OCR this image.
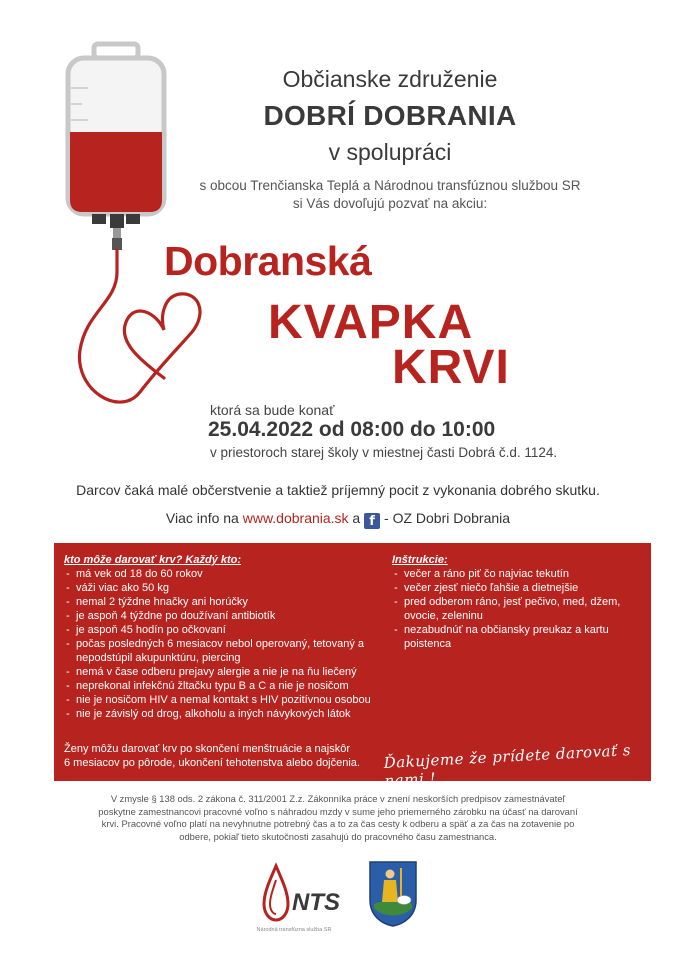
Občianske združenie
DOBRÍ DOBRANIA
v spolupráci
s obcou Trenčianska Teplá a Národnou transfúznou službou SR
si Vás dovoľujú pozvať na akciu:
Dobranská
KVAPKA
KRVI
ktorá sa bude konať
25.04.2022 od 08:00 do 10:00
v priestoroch starej školy v miestnej časti Dobrá č.d. 1124.
Darcov čaká malé občerstvenie a taktiež príjemný pocit z vykonania dobrého skutku.
Viac info na www.dobrania.sk a f - OZ Dobri Dobrania
kto môže darovať krv? Každý kto:
- má vek od 18 do 60 rokov
- váži viac ako 50 kg
- nemal 2 týždne hnačky ani horúčky
- je aspoň 4 týždne po doužívaní antibiotík
- je aspoň 45 hodín po očkovaní
- počas posledných 6 mesiacov nebol operovaný, tetovaný a nepodstúpil akupunktúru, piercing
- nemá v čase odberu prejavy alergie a nie je na ňu liečený
- neprekonal infekčnú žltačku typu B a C a nie je nosičom
- nie je nosičom HIV a nemal kontakt s HIV pozitívnou osobou
- nie je závislý od drog, alkoholu a iných návykových látok
Ženy môžu darovať krv po skončení menštruácie a najskôr
6 mesiacov po pôrode, ukončení tehotenstva alebo dojčenia.
Inštrukcie:
- večer a ráno piť čo najviac tekutín
- večer zjesť niečo ľahšie a dietnejšie
- pred odberom ráno, jesť pečivo, med, džem, ovocie, zeleninu
- nezabudnúť na občiansky preukaz a kartu poistenca
Ďakujeme že prídete darovať s nami !
V zmysle § 138 ods. 2 zákona č. 311/2001 Z.z. Zákonníka práce v znení neskorších predpisov zamestnávateľ
poskytne zamestnancovi pracovné voľno s náhradou mzdy v sume jeho priemerného zárobku na účasť na darovaní
krvi. Pracovné voľno platí na nevyhnutne potrebný čas a to za čas cesty k odberu a späť a za čas na zotavenie po
odbere, pokiaľ tieto skutočnosti zasahujú do pracovného času zamestnanca.
NTS
Národná transfúzna služba SR
